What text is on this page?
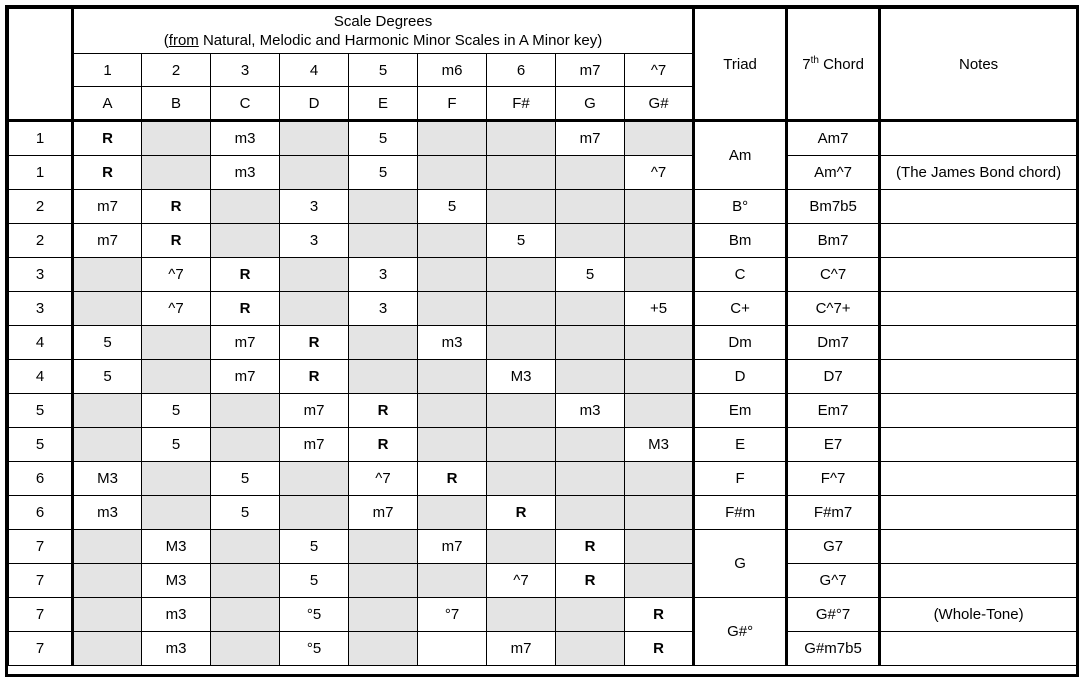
	Scale Degrees
(from Natural, Melodic and Harmonic Minor Scales in A Minor key)									Triad	7th Chord	Notes
	1	2	3	4	5	m6	6	m7	^7			
	A	B	C	D	E	F	F#	G	G#			
1	R		m3		5			m7		Am	Am7	
1	R		m3		5				^7		Am^7	(The James Bond chord)
2	m7	R		3		5				B°	Bm7b5	
2	m7	R		3			5			Bm	Bm7	
3		^7	R		3			5		C	C^7	
3		^7	R		3				+5	C+	C^7+	
4	5		m7	R		m3				Dm	Dm7	
4	5		m7	R			M3			D	D7	
5		5		m7	R			m3		Em	Em7	
5		5		m7	R				M3	E	E7	
6	M3		5		^7	R				F	F^7	
6	m3		5		m7		R			F#m	F#m7	
7		M3		5		m7		R		G	G7	
7		M3		5			^7	R			G^7	
7		m3		°5		°7			R	G#°	G#°7	(Whole-Tone)
7		m3		°5			m7		R		G#m7b5	
